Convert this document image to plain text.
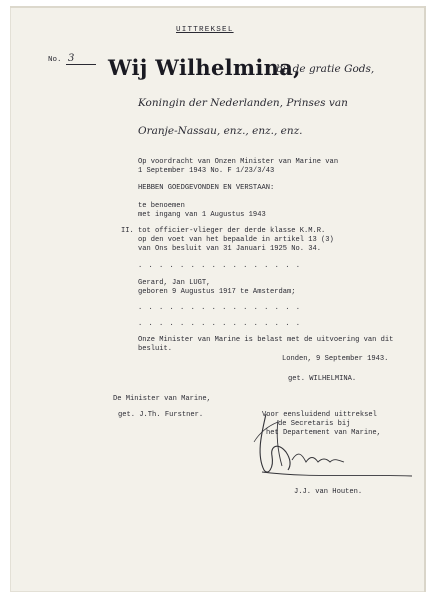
UITTREKSEL
No. 3 Wij Wilhelmina,
bij de gratie Gods,
Koningin der Nederlanden, Prinses van
Oranje-Nassau, enz., enz., enz.
Op voordracht van Onzen Minister van Marine van
1 September 1943 No. F 1/23/3/43
HEBBEN GOEDGEVONDEN EN VERSTAAN:
te benoemen
met ingang van 1 Augustus 1943
II. tot officier-vlieger der derde klasse K.M.R.
op den voet van het bepaalde in artikel 13 (3)
van Ons besluit van 31 Januari 1925 No. 34.
. . . . . . . . . . . . . . . .
Gerard, Jan LUGT,
geboren 9 Augustus 1917 te Amsterdam;
. . . . . . . . . . . . . . . .
. . . . . . . . . . . . . . . .
Onze Minister van Marine is belast met de uitvoering van dit
besluit.
Londen, 9 September 1943.
get. WILHELMINA.
De Minister van Marine,
get. J.Th. Furstner.	Voor eensluidend uittreksel
de Secretaris bij
het Departement van Marine,
J.J. van Houten.
